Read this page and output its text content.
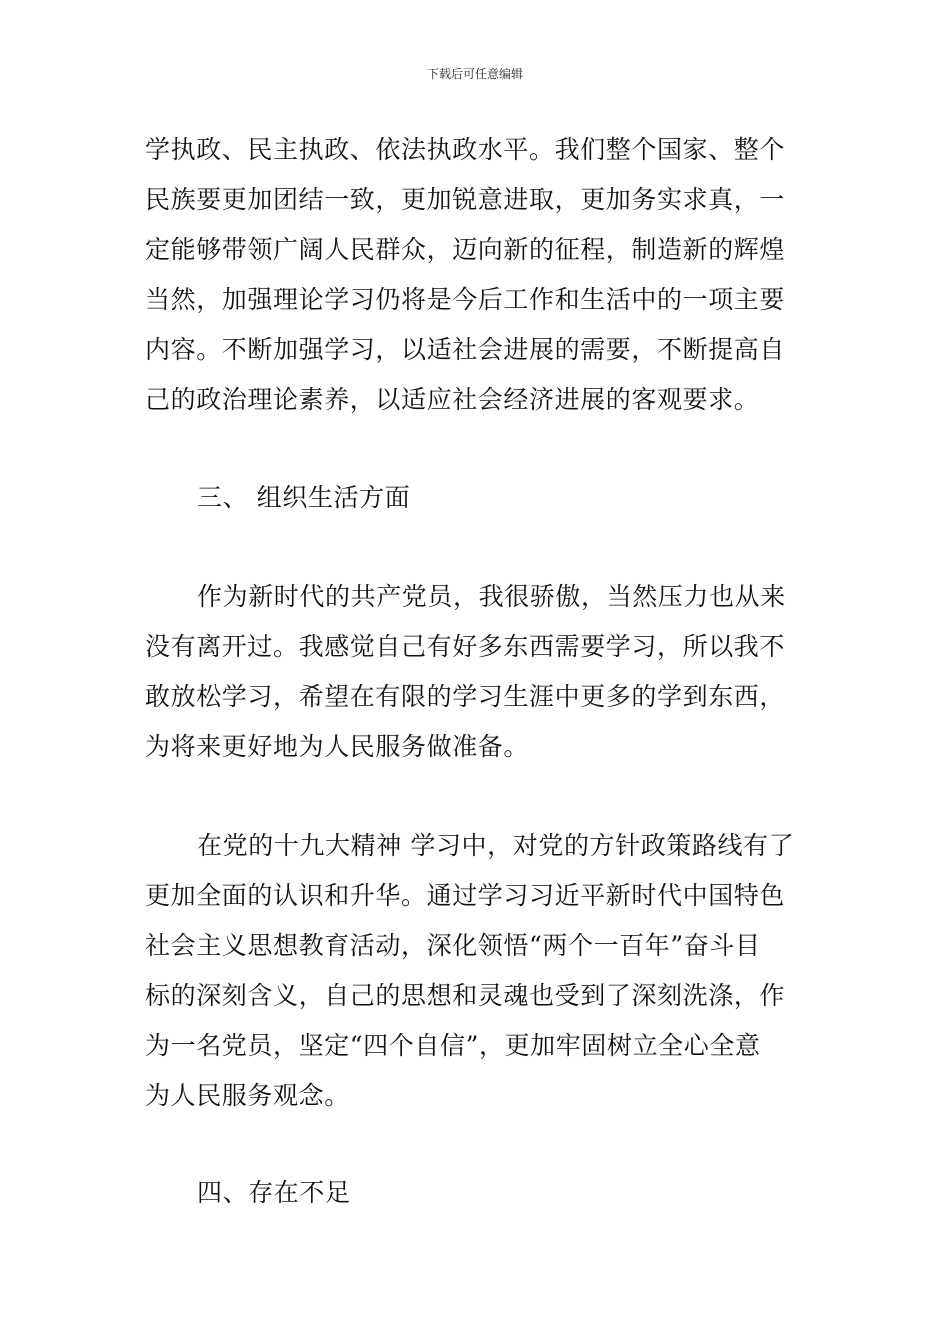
下载后可任意编辑
学执政、民主执政、依法执政水平。我们整个国家、整个
民族要更加团结一致，更加锐意进取，更加务实求真，一
定能够带领广阔人民群众，迈向新的征程，制造新的辉煌
当然，加强理论学习仍将是今后工作和生活中的一项主要
内容。不断加强学习，以适社会进展的需要，不断提高自
己的政治理论素养，以适应社会经济进展的客观要求。
三、 组织生活方面
作为新时代的共产党员，我很骄傲，当然压力也从来
没有离开过。我感觉自己有好多东西需要学习，所以我不
敢放松学习，希望在有限的学习生涯中更多的学到东西，
为将来更好地为人民服务做准备。
在党的十九大精神 学习中，对党的方针政策路线有了
更加全面的认识和升华。通过学习习近平新时代中国特色
社会主义思想教育活动，深化领悟“两个一百年”奋斗目
标的深刻含义，自己的思想和灵魂也受到了深刻洗涤，作
为一名党员，坚定“四个自信”，更加牢固树立全心全意
为人民服务观念。
四、存在不足
